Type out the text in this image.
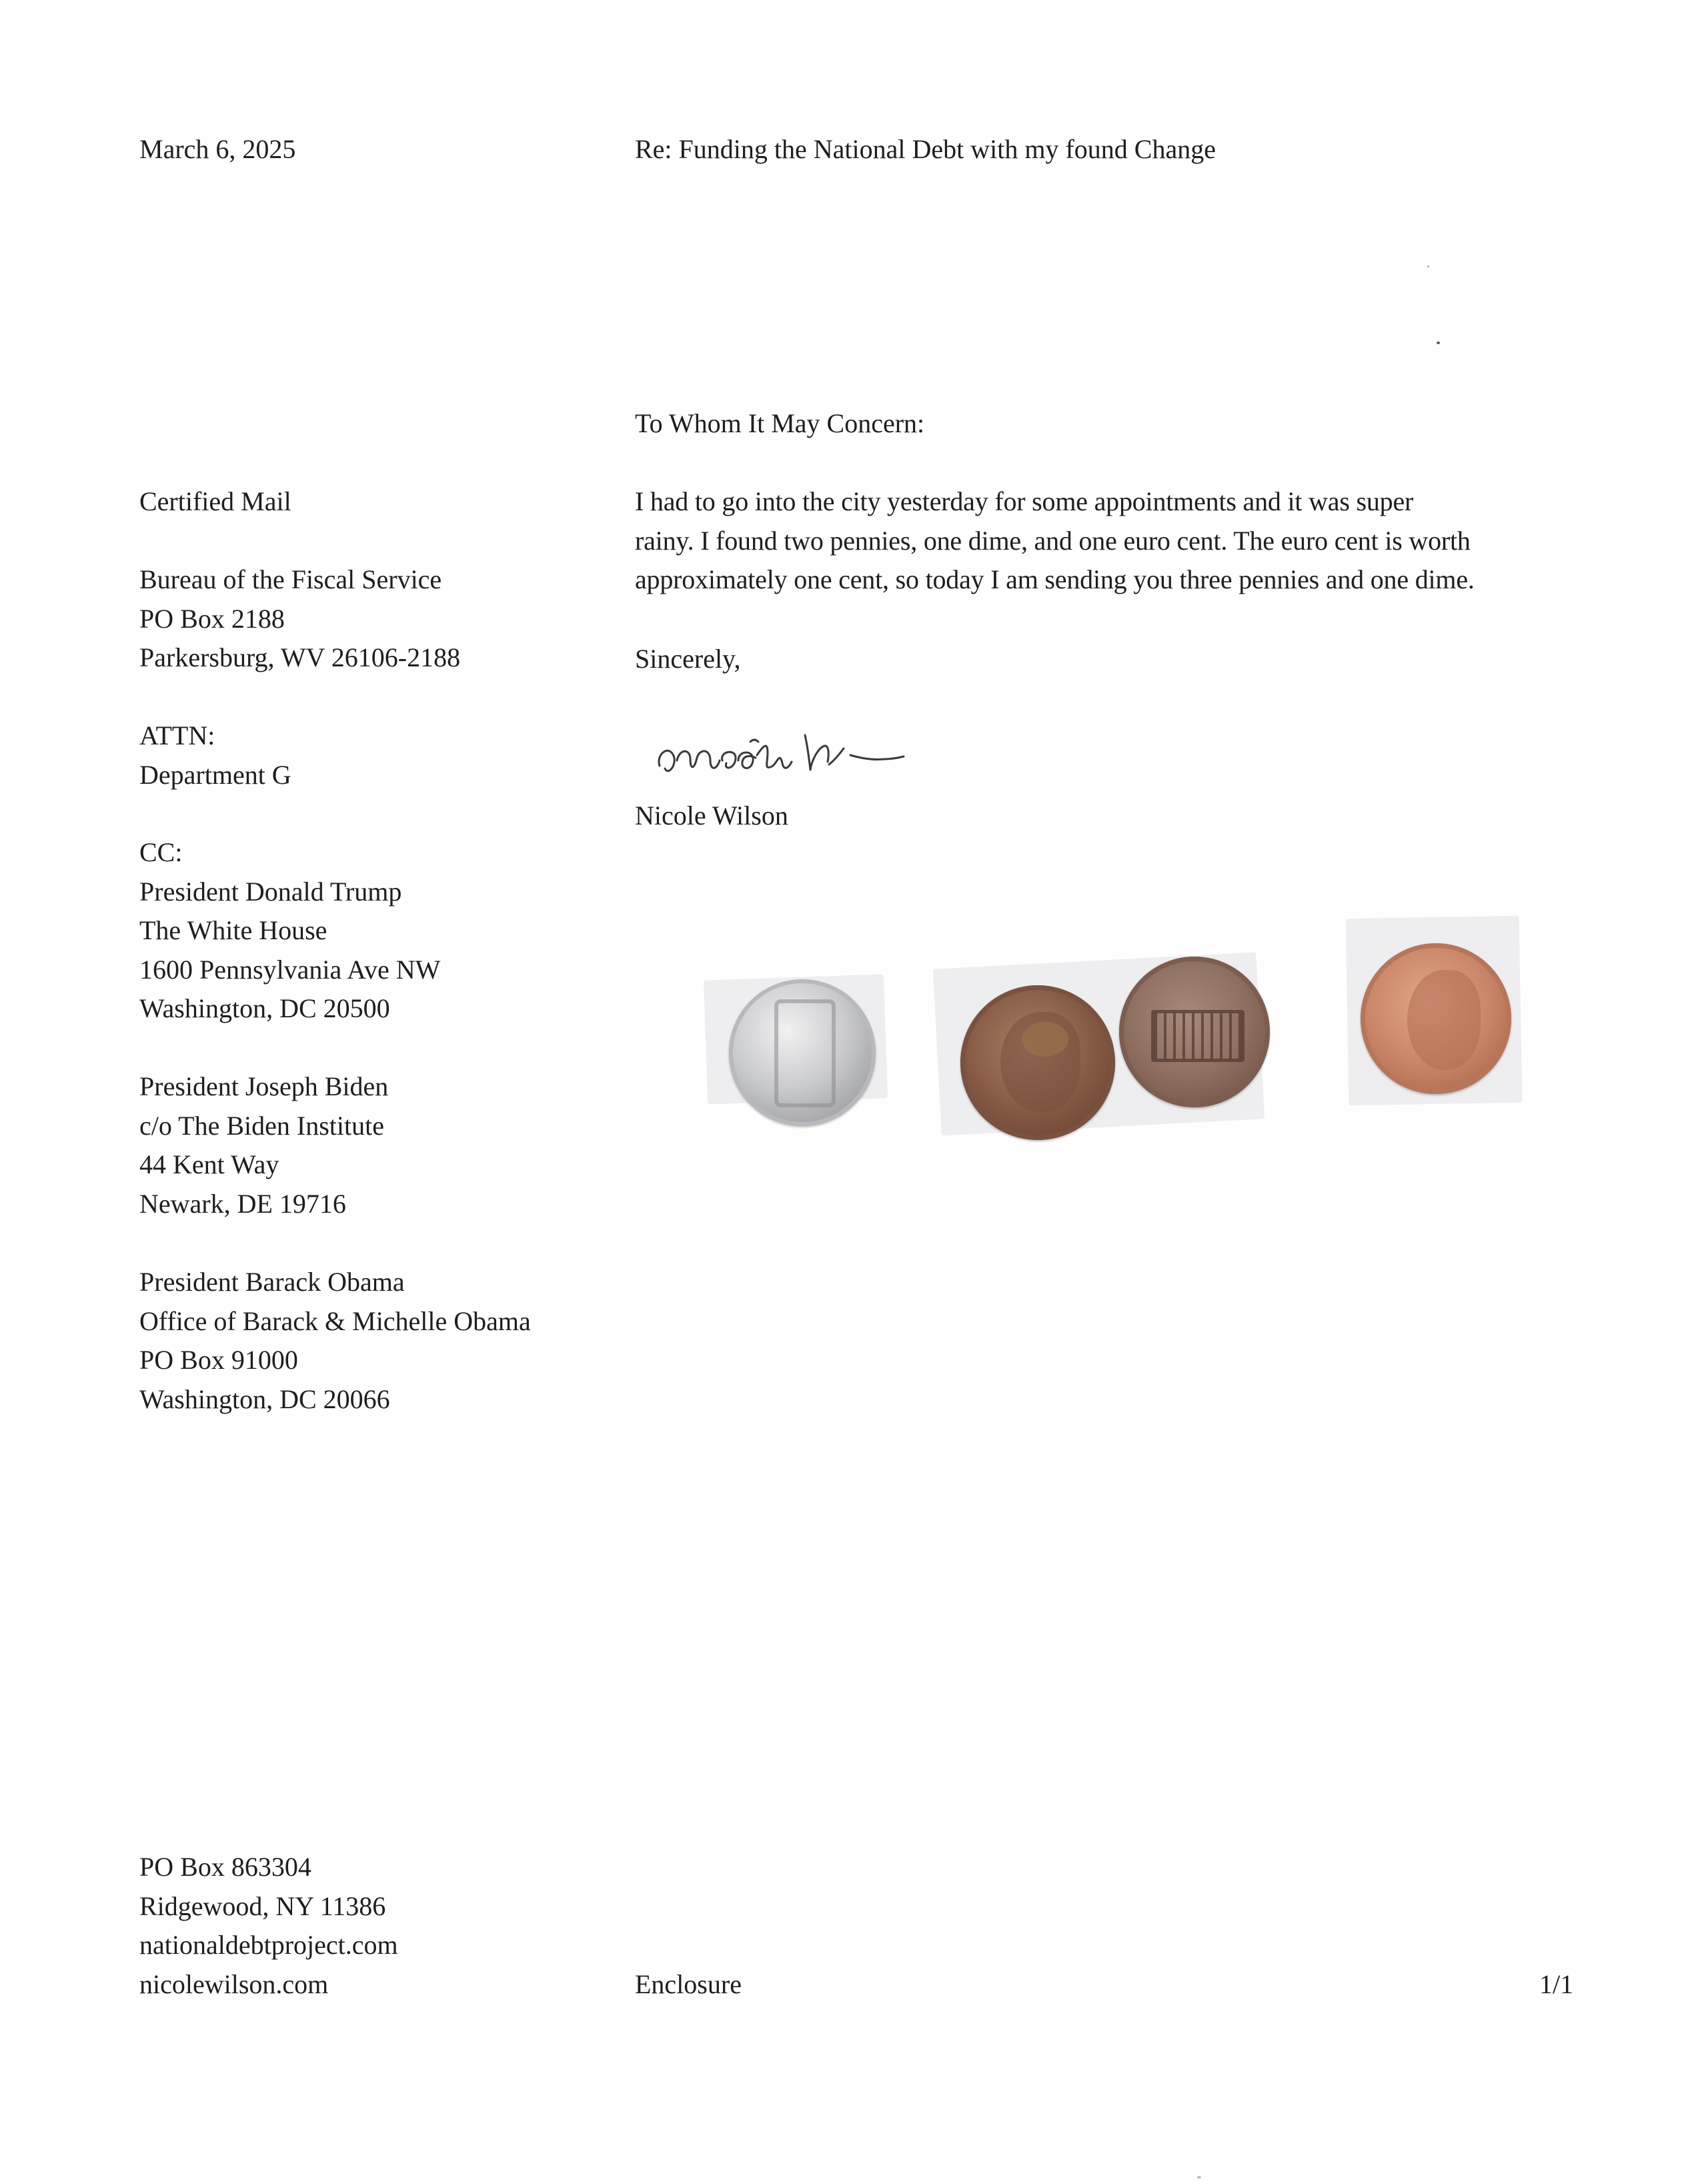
March 6, 2025	Re: Funding the National Debt with my found Change
To Whom It May Concern:
Certified Mail
Bureau of the Fiscal Service
PO Box 2188
Parkersburg, WV 26106-2188
ATTN:
Department G
CC:
President Donald Trump
The White House
1600 Pennsylvania Ave NW
Washington, DC 20500
President Joseph Biden
c/o The Biden Institute
44 Kent Way
Newark, DE 19716
President Barack Obama
Office of Barack & Michelle Obama
PO Box 91000
Washington, DC 20066
I had to go into the city yesterday for some appointments and it was super
rainy. I found two pennies, one dime, and one euro cent. The euro cent is worth
approximately one cent, so today I am sending you three pennies and one dime.
Sincerely,
Nicole Wilson
PO Box 863304
Ridgewood, NY 11386
nationaldebtproject.com
nicolewilson.com	Enclosure	1/1
